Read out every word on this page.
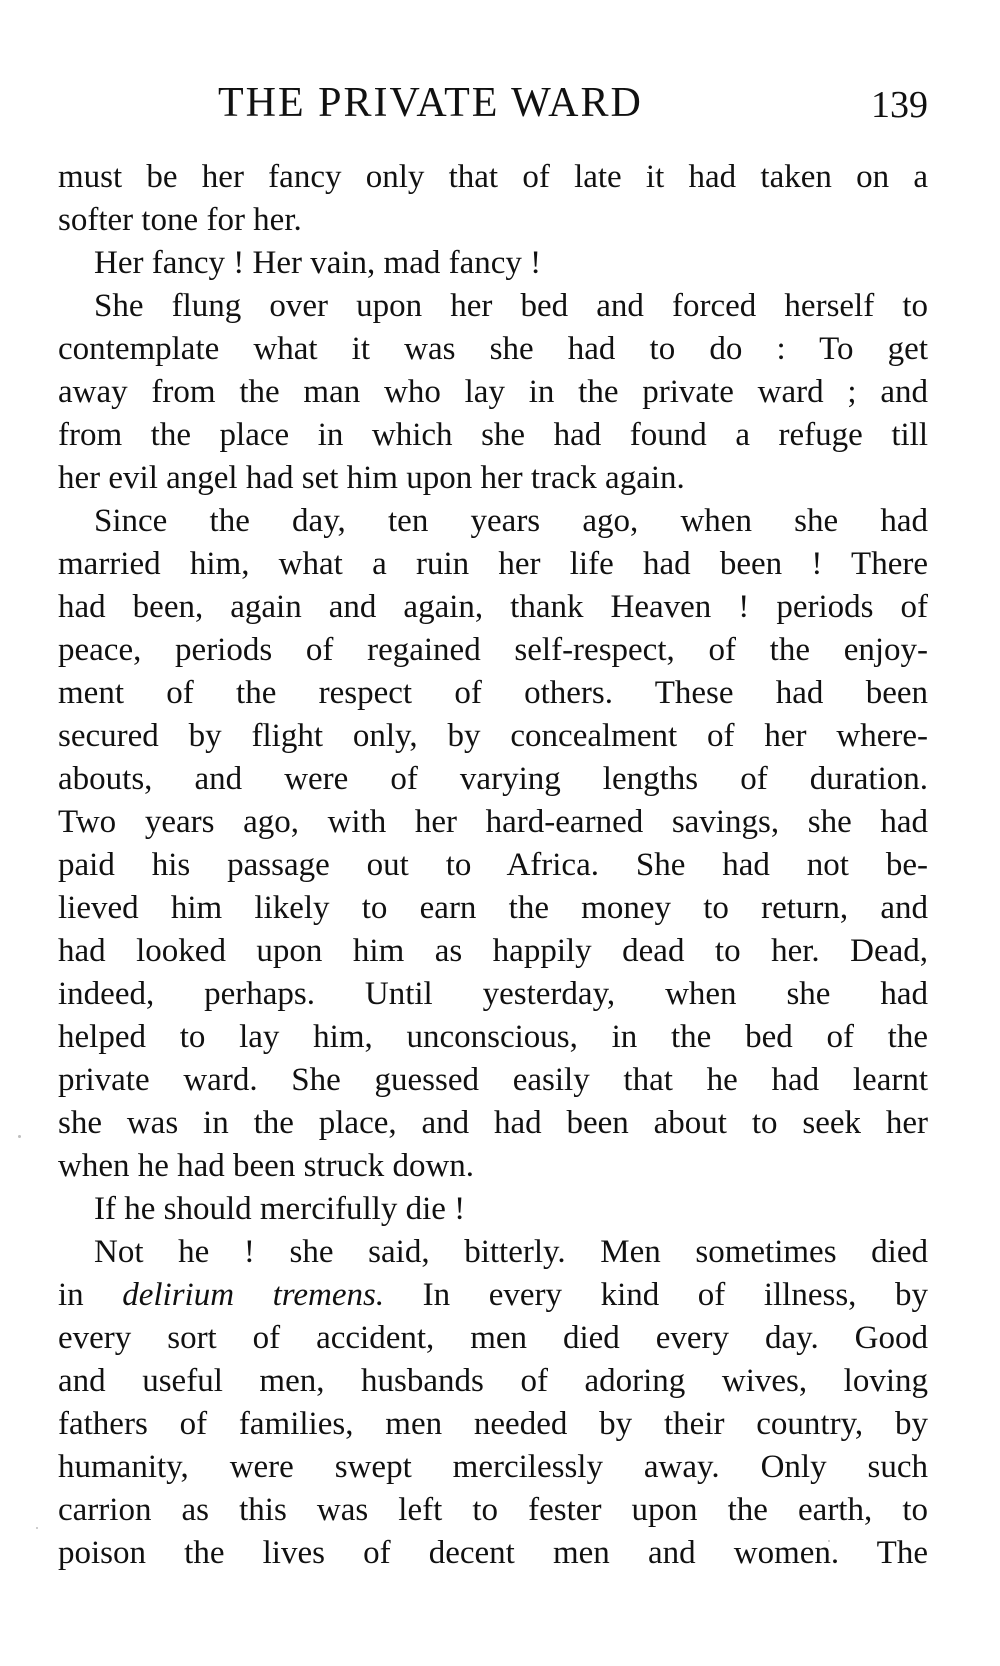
THE PRIVATE WARD	139
must be her fancy only that of late it had taken on a
softer tone for her.
Her fancy ! Her vain, mad fancy !
She flung over upon her bed and forced herself to
contemplate what it was she had to do : To get
away from the man who lay in the private ward ; and
from the place in which she had found a refuge till
her evil angel had set him upon her track again.
Since the day, ten years ago, when she had
married him, what a ruin her life had been ! There
had been, again and again, thank Heaven ! periods of
peace, periods of regained self-respect, of the enjoy-
ment of the respect of others. These had been
secured by flight only, by concealment of her where-
abouts, and were of varying lengths of duration.
Two years ago, with her hard-earned savings, she had
paid his passage out to Africa. She had not be-
lieved him likely to earn the money to return, and
had looked upon him as happily dead to her. Dead,
indeed, perhaps. Until yesterday, when she had
helped to lay him, unconscious, in the bed of the
private ward. She guessed easily that he had learnt
she was in the place, and had been about to seek her
when he had been struck down.
If he should mercifully die !
Not he ! she said, bitterly. Men sometimes died
in delirium tremens. In every kind of illness, by
every sort of accident, men died every day. Good
and useful men, husbands of adoring wives, loving
fathers of families, men needed by their country, by
humanity, were swept mercilessly away. Only such
carrion as this was left to fester upon the earth, to
poison the lives of decent men and women. The
